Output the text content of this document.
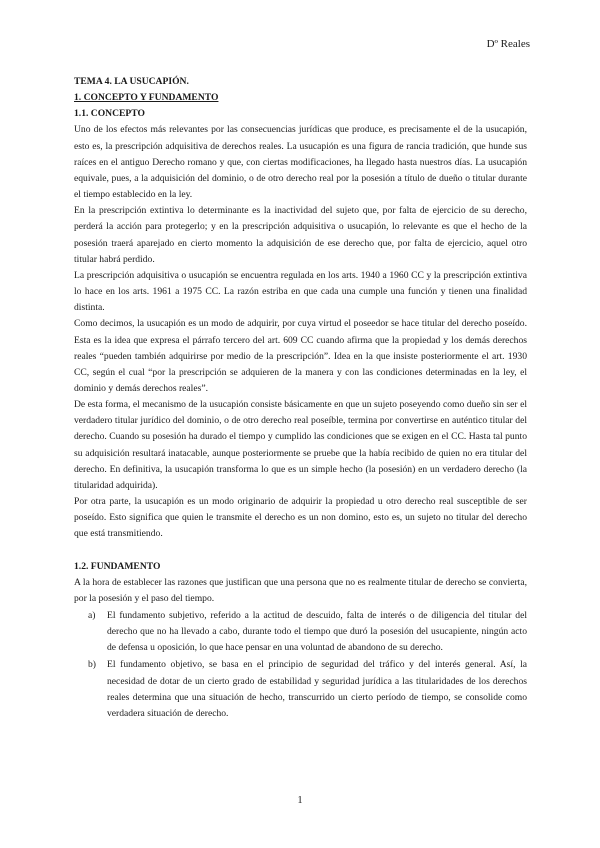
Dº Reales

TEMA 4. LA USUCAPIÓN.

1. CONCEPTO Y FUNDAMENTO

1.1. CONCEPTO

Uno de los efectos más relevantes por las consecuencias jurídicas que produce, es precisamente el de la usucapión, esto es, la prescripción adquisitiva de derechos reales. La usucapión es una figura de rancia tradición, que hunde sus raíces en el antiguo Derecho romano y que, con ciertas modificaciones, ha llegado hasta nuestros días. La usucapión equivale, pues, a la adquisición del dominio, o de otro derecho real por la posesión a título de dueño o titular durante el tiempo establecido en la ley.

En la prescripción extintiva lo determinante es la inactividad del sujeto que, por falta de ejercicio de su derecho, perderá la acción para protegerlo; y en la prescripción adquisitiva o usucapión, lo relevante es que el hecho de la posesión traerá aparejado en cierto momento la adquisición de ese derecho que, por falta de ejercicio, aquel otro titular habrá perdido.

La prescripción adquisitiva o usucapión se encuentra regulada en los arts. 1940 a 1960 CC y la prescripción extintiva lo hace en los arts. 1961 a 1975 CC. La razón estriba en que cada una cumple una función y tienen una finalidad distinta.

Como decimos, la usucapión es un modo de adquirir, por cuya virtud el poseedor se hace titular del derecho poseído. Esta es la idea que expresa el párrafo tercero del art. 609 CC cuando afirma que la propiedad y los demás derechos reales “pueden también adquirirse por medio de la prescripción”. Idea en la que insiste posteriormente el art. 1930 CC, según el cual “por la prescripción se adquieren de la manera y con las condiciones determinadas en la ley, el dominio y demás derechos reales”.

De esta forma, el mecanismo de la usucapión consiste básicamente en que un sujeto poseyendo como dueño sin ser el verdadero titular jurídico del dominio, o de otro derecho real poseíble, termina por convertirse en auténtico titular del derecho. Cuando su posesión ha durado el tiempo y cumplido las condiciones que se exigen en el CC. Hasta tal punto su adquisición resultará inatacable, aunque posteriormente se pruebe que la había recibido de quien no era titular del derecho. En definitiva, la usucapión transforma lo que es un simple hecho (la posesión) en un verdadero derecho (la titularidad adquirida).

Por otra parte, la usucapión es un modo originario de adquirir la propiedad u otro derecho real susceptible de ser poseído. Esto significa que quien le transmite el derecho es un non domino, esto es, un sujeto no titular del derecho que está transmitiendo.

1.2. FUNDAMENTO

A la hora de establecer las razones que justifican que una persona que no es realmente titular de derecho se convierta, por la posesión y el paso del tiempo.

a) El fundamento subjetivo, referido a la actitud de descuido, falta de interés o de diligencia del titular del derecho que no ha llevado a cabo, durante todo el tiempo que duró la posesión del usucapiente, ningún acto de defensa u oposición, lo que hace pensar en una voluntad de abandono de su derecho.
b) El fundamento objetivo, se basa en el principio de seguridad del tráfico y del interés general. Así, la necesidad de dotar de un cierto grado de estabilidad y seguridad jurídica a las titularidades de los derechos reales determina que una situación de hecho, transcurrido un cierto período de tiempo, se consolide como verdadera situación de derecho.
1
